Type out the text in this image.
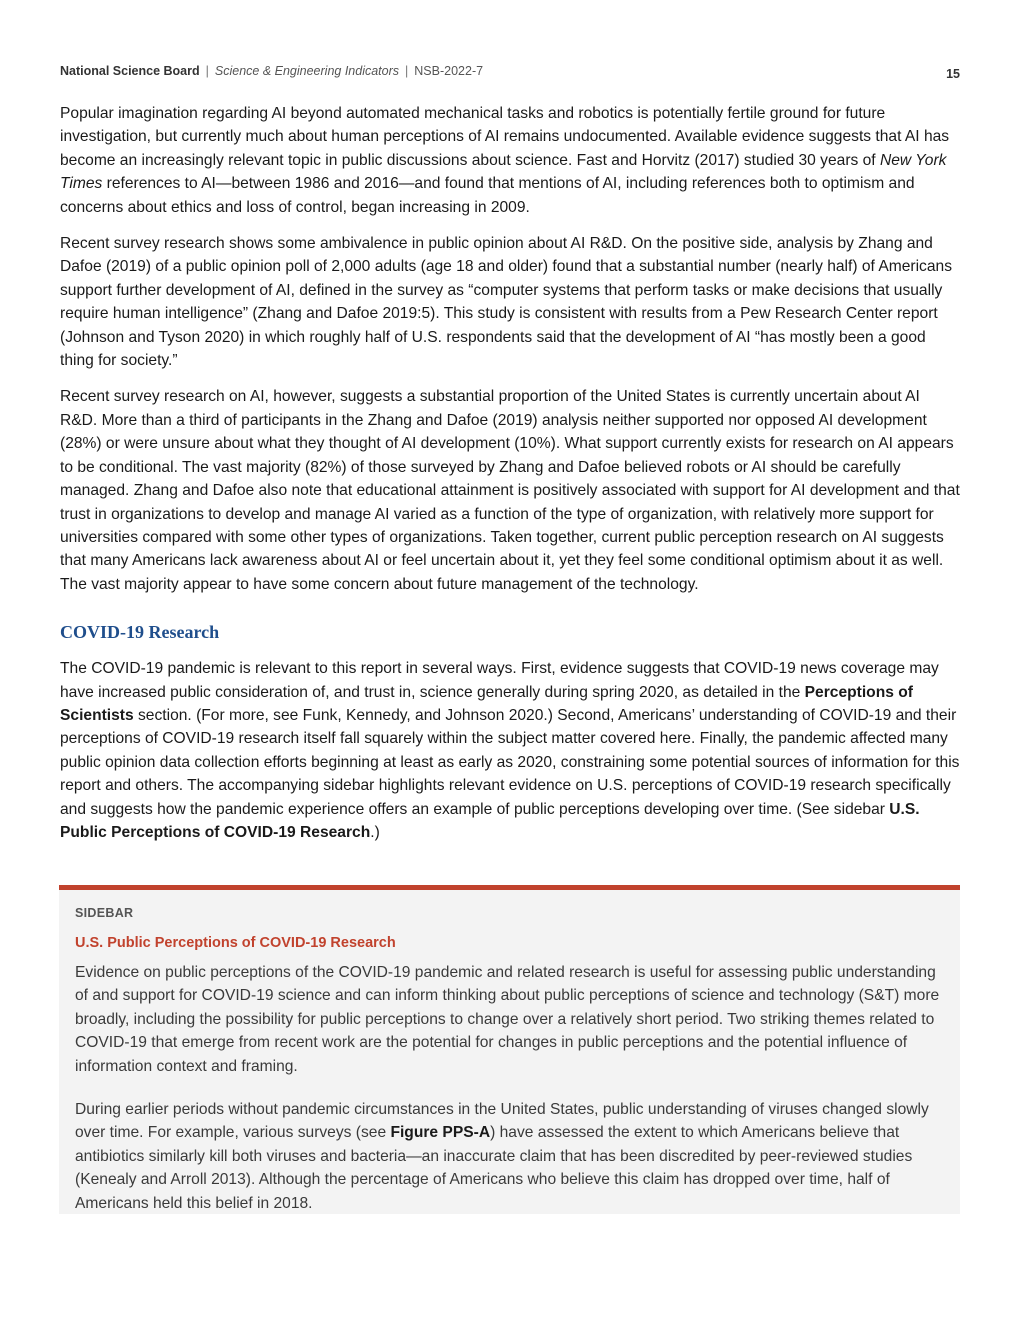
National Science Board | Science & Engineering Indicators | NSB-2022-7	15

Popular imagination regarding AI beyond automated mechanical tasks and robotics is potentially fertile ground for future investigation, but currently much about human perceptions of AI remains undocumented. Available evidence suggests that AI has become an increasingly relevant topic in public discussions about science. Fast and Horvitz (2017) studied 30 years of New York Times references to AI—between 1986 and 2016—and found that mentions of AI, including references both to optimism and concerns about ethics and loss of control, began increasing in 2009.

Recent survey research shows some ambivalence in public opinion about AI R&D. On the positive side, analysis by Zhang and Dafoe (2019) of a public opinion poll of 2,000 adults (age 18 and older) found that a substantial number (nearly half) of Americans support further development of AI, defined in the survey as “computer systems that perform tasks or make decisions that usually require human intelligence” (Zhang and Dafoe 2019:5). This study is consistent with results from a Pew Research Center report (Johnson and Tyson 2020) in which roughly half of U.S. respondents said that the development of AI “has mostly been a good thing for society.”

Recent survey research on AI, however, suggests a substantial proportion of the United States is currently uncertain about AI R&D. More than a third of participants in the Zhang and Dafoe (2019) analysis neither supported nor opposed AI development (28%) or were unsure about what they thought of AI development (10%). What support currently exists for research on AI appears to be conditional. The vast majority (82%) of those surveyed by Zhang and Dafoe believed robots or AI should be carefully managed. Zhang and Dafoe also note that educational attainment is positively associated with support for AI development and that trust in organizations to develop and manage AI varied as a function of the type of organization, with relatively more support for universities compared with some other types of organizations. Taken together, current public perception research on AI suggests that many Americans lack awareness about AI or feel uncertain about it, yet they feel some conditional optimism about it as well. The vast majority appear to have some concern about future management of the technology.

COVID-19 Research

The COVID-19 pandemic is relevant to this report in several ways. First, evidence suggests that COVID-19 news coverage may have increased public consideration of, and trust in, science generally during spring 2020, as detailed in the Perceptions of Scientists section. (For more, see Funk, Kennedy, and Johnson 2020.) Second, Americans’ understanding of COVID-19 and their perceptions of COVID-19 research itself fall squarely within the subject matter covered here. Finally, the pandemic affected many public opinion data collection efforts beginning at least as early as 2020, constraining some potential sources of information for this report and others. The accompanying sidebar highlights relevant evidence on U.S. perceptions of COVID-19 research specifically and suggests how the pandemic experience offers an example of public perceptions developing over time. (See sidebar U.S. Public Perceptions of COVID-19 Research.)

SIDEBAR
U.S. Public Perceptions of COVID-19 Research

Evidence on public perceptions of the COVID-19 pandemic and related research is useful for assessing public understanding of and support for COVID-19 science and can inform thinking about public perceptions of science and technology (S&T) more broadly, including the possibility for public perceptions to change over a relatively short period. Two striking themes related to COVID-19 that emerge from recent work are the potential for changes in public perceptions and the potential influence of information context and framing.

During earlier periods without pandemic circumstances in the United States, public understanding of viruses changed slowly over time. For example, various surveys (see Figure PPS-A) have assessed the extent to which Americans believe that antibiotics similarly kill both viruses and bacteria—an inaccurate claim that has been discredited by peer-reviewed studies (Kenealy and Arroll 2013). Although the percentage of Americans who believe this claim has dropped over time, half of Americans held this belief in 2018.
